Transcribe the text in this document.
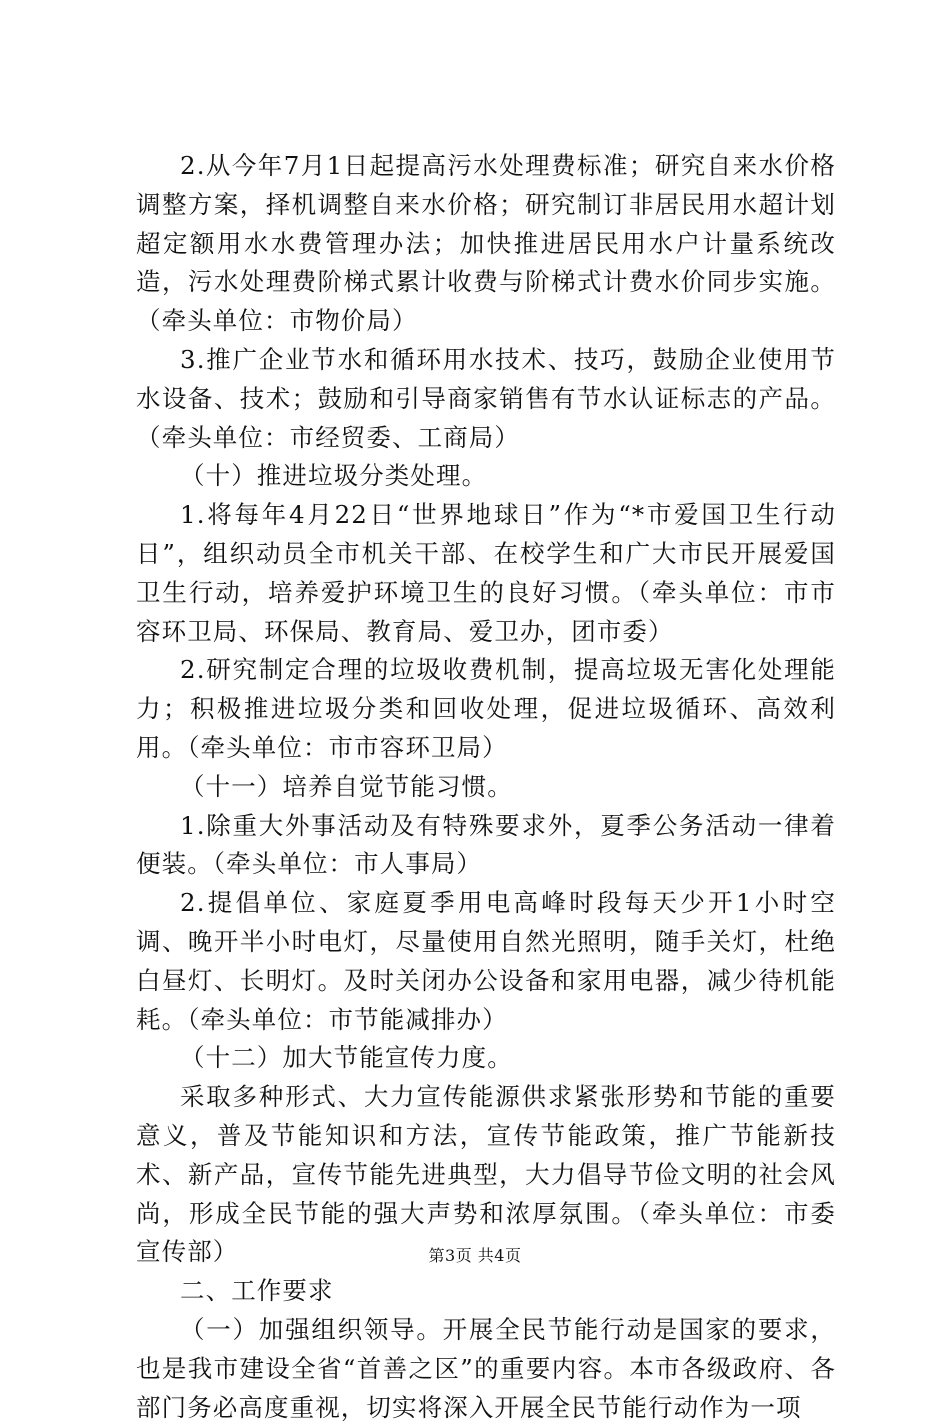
2.从今年7月1日起提高污水处理费标准；研究自来水价格调整方案，择机调整自来水价格；研究制订非居民用水超计划超定额用水水费管理办法；加快推进居民用水户计量系统改造，污水处理费阶梯式累计收费与阶梯式计费水价同步实施。（牵头单位：市物价局）

3.推广企业节水和循环用水技术、技巧，鼓励企业使用节水设备、技术；鼓励和引导商家销售有节水认证标志的产品。（牵头单位：市经贸委、工商局）

（十）推进垃圾分类处理。

1.将每年4月22日“世界地球日”作为“*市爱国卫生行动日”，组织动员全市机关干部、在校学生和广大市民开展爱国卫生行动，培养爱护环境卫生的良好习惯。（牵头单位：市市容环卫局、环保局、教育局、爱卫办，团市委）

2.研究制定合理的垃圾收费机制，提高垃圾无害化处理能力；积极推进垃圾分类和回收处理，促进垃圾循环、高效利用。（牵头单位：市市容环卫局）

（十一）培养自觉节能习惯。

1.除重大外事活动及有特殊要求外，夏季公务活动一律着便装。（牵头单位：市人事局）

2.提倡单位、家庭夏季用电高峰时段每天少开1小时空调、晚开半小时电灯，尽量使用自然光照明，随手关灯，杜绝白昼灯、长明灯。及时关闭办公设备和家用电器，减少待机能耗。（牵头单位：市节能减排办）

（十二）加大节能宣传力度。

采取多种形式、大力宣传能源供求紧张形势和节能的重要意义，普及节能知识和方法，宣传节能政策，推广节能新技术、新产品，宣传节能先进典型，大力倡导节俭文明的社会风尚，形成全民节能的强大声势和浓厚氛围。（牵头单位：市委宣传部）

二、工作要求

（一）加强组织领导。开展全民节能行动是国家的要求，也是我市建设全省“首善之区”的重要内容。本市各级政府、各部门务必高度重视，切实将深入开展全民节能行动作为一项

第3页 共4页
